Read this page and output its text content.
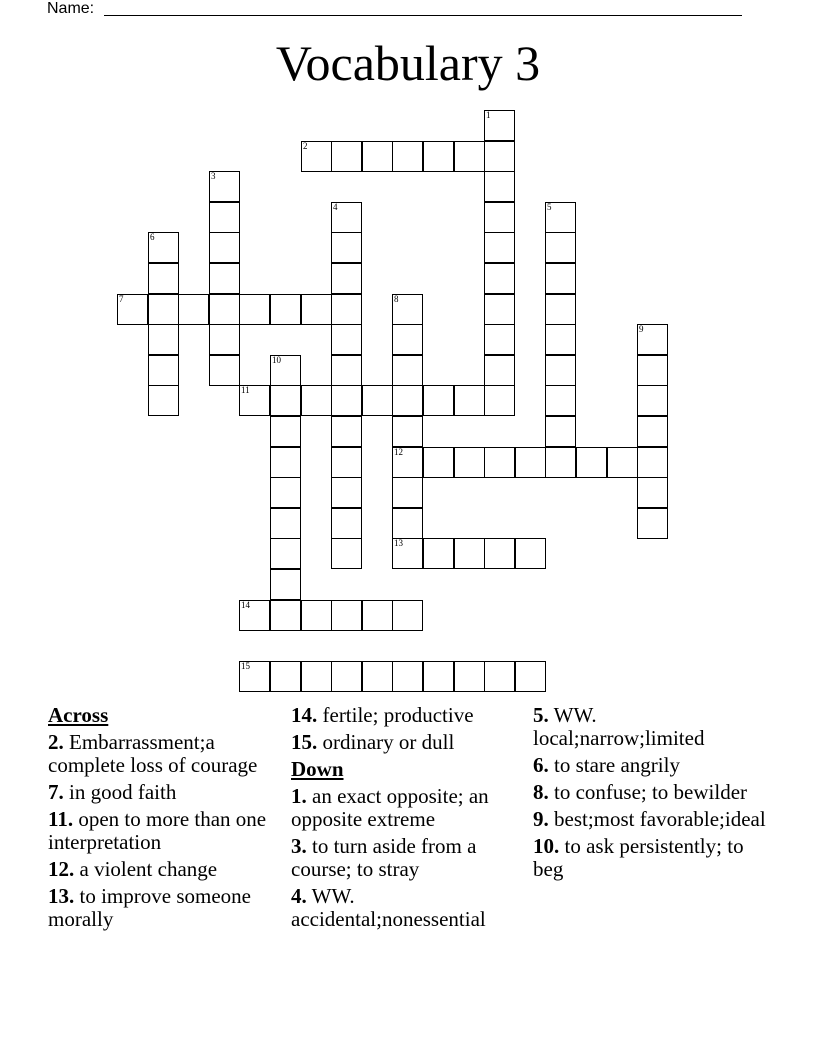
Name:
Vocabulary 3
1
2
3
4	5
6
7	8
12
13
9
10
11
14
15
Across
2. Embarrassment;a complete loss of courage
7. in good faith
11. open to more than one interpretation
12. a violent change
13. to improve someone morally
14. fertile; productive
15. ordinary or dull
Down
1. an exact opposite; an opposite extreme
3. to turn aside from a course; to stray
4. WW. accidental;nonessential
5. WW. local;narrow;limited
6. to stare angrily
8. to confuse; to bewilder
9. best;most favorable;ideal
10. to ask persistently; to beg
